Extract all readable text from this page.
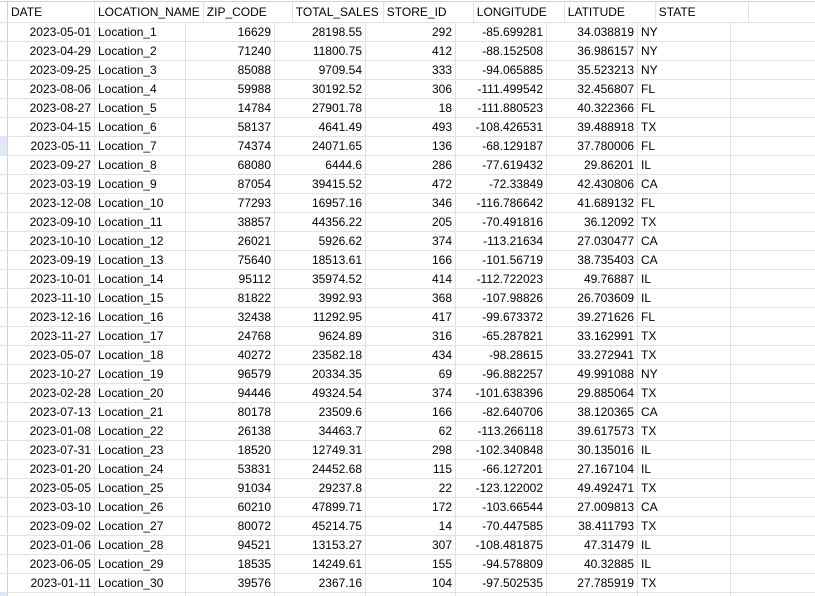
DATE	LOCATION_NAME ZIP_CODE	TOTAL_SALES STORE_ID	LONGITUDE	LATITUDE	STATE
2023-05-01 Location_1	16629	28198.55	292	-85.699281	34.038819 NY
2023-04-29 Location_2	71240	11800.75	412	-88.152508	36.986157 NY
2023-09-25 Location_3	85088	9709.54	333	-94.065885	35.523213 NY
2023-08-06 Location_4	59988	30192.52	306	-111.499542	32.456807 FL
2023-08-27 Location_5	14784	27901.78	18	-111.880523	40.322366 FL
2023-04-15 Location_6	58137	4641.49	493	-108.426531	39.488918 TX
2023-05-11 Location_7	74374	24071.65	136	-68.129187	37.780006 FL
2023-09-27 Location_8	68080	6444.6	286	-77.619432	29.86201 IL
2023-03-19 Location_9	87054	39415.52	472	-72.33849	42.430806 CA
2023-12-08 Location_10	77293	16957.16	346	-116.786642	41.689132 FL
2023-09-10 Location_11	38857	44356.22	205	-70.491816	36.12092 TX
2023-10-10 Location_12	26021	5926.62	374	-113.21634	27.030477 CA
2023-09-19 Location_13	75640	18513.61	166	-101.56719	38.735403 CA
2023-10-01 Location_14	95112	35974.52	414	-112.722023	49.76887 IL
2023-11-10 Location_15	81822	3992.93	368	-107.98826	26.703609 IL
2023-12-16 Location_16	32438	11292.95	417	-99.673372	39.271626 FL
2023-11-27 Location_17	24768	9624.89	316	-65.287821	33.162991 TX
2023-05-07 Location_18	40272	23582.18	434	-98.28615	33.272941 TX
2023-10-27 Location_19	96579	20334.35	69	-96.882257	49.991088 NY
2023-02-28 Location_20	94446	49324.54	374	-101.638396	29.885064 TX
2023-07-13 Location_21	80178	23509.6	166	-82.640706	38.120365 CA
2023-01-08 Location_22	26138	34463.7	62	-113.266118	39.617573 TX
2023-07-31 Location_23	18520	12749.31	298	-102.340848	30.135016 IL
2023-01-20 Location_24	53831	24452.68	115	-66.127201	27.167104 IL
2023-05-05 Location_25	91034	29237.8	22	-123.122002	49.492471 TX
2023-03-10 Location_26	60210	47899.71	172	-103.66544	27.009813 CA
2023-09-02 Location_27	80072	45214.75	14	-70.447585	38.411793 TX
2023-01-06 Location_28	94521	13153.27	307	-108.481875	47.31479 IL
2023-06-05 Location_29	18535	14249.61	155	-94.578809	40.32885 IL
2023-01-11 Location_30	39576	2367.16	104	-97.502535	27.785919 TX
